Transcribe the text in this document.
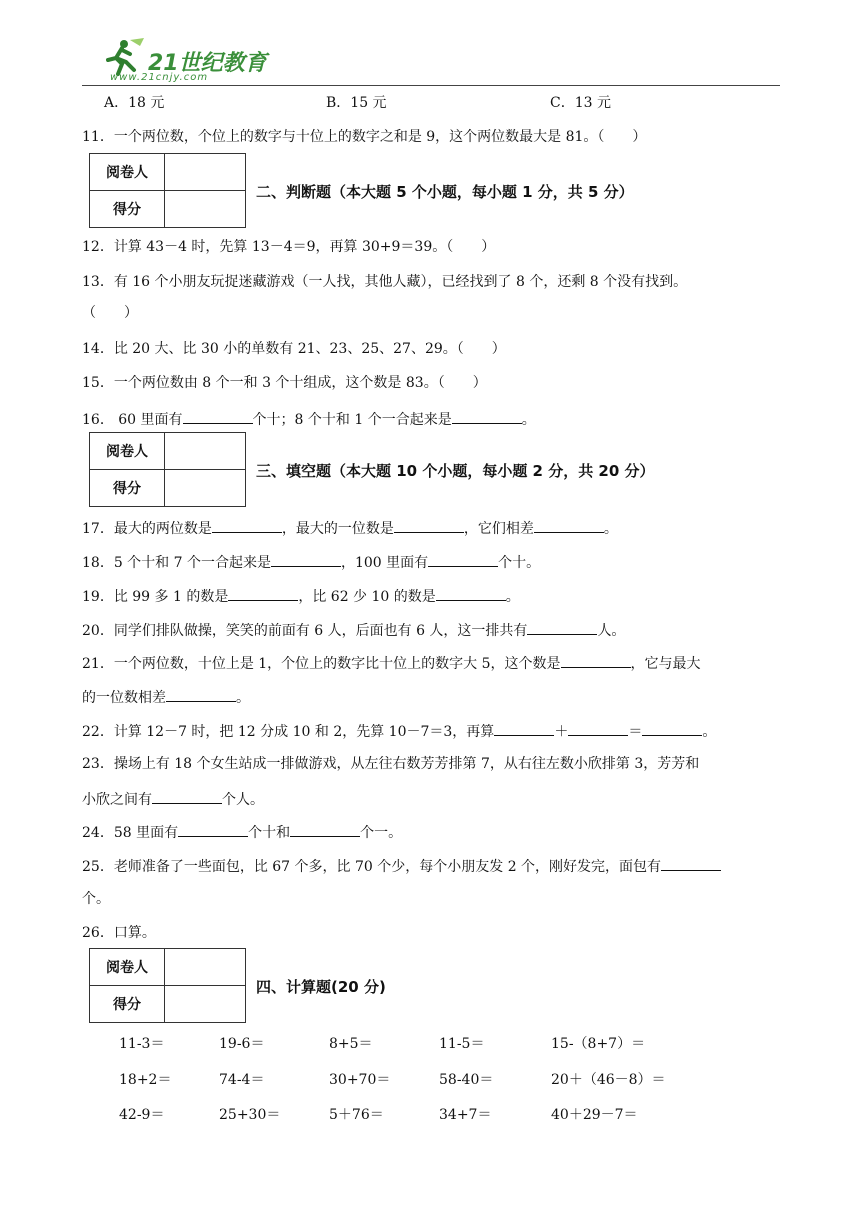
21世纪教育
www.21cnjy.com
A．18 元	B．15 元	C．13 元
11．一个两位数，个位上的数字与十位上的数字之和是 9，这个两位数最大是 81。（　　）
阅卷人	
得分	
二、判断题（本大题 5 个小题，每小题 1 分，共 5 分）
12．计算 43－4 时，先算 13－4＝9，再算 30+9＝39。（　　）
13．有 16 个小朋友玩捉迷藏游戏（一人找，其他人藏），已经找到了 8 个，还剩 8 个没有找到。
（　　）
14．比 20 大、比 30 小的单数有 21、23、25、27、29。（　　）
15．一个两位数由 8 个一和 3 个十组成，这个数是 83。（　　）
16． 60 里面有	个十；8 个十和 1 个一合起来是	。
阅卷人	
得分	
三、填空题（本大题 10 个小题，每小题 2 分，共 20 分）
17．最大的两位数是	，最大的一位数是	，它们相差	。
18．5 个十和 7 个一合起来是	，100 里面有	个十。
19．比 99 多 1 的数是	，比 62 少 10 的数是	。
20．同学们排队做操，笑笑的前面有 6 人，后面也有 6 人，这一排共有	人。
21．一个两位数，十位上是 1，个位上的数字比十位上的数字大 5，这个数是	，它与最大
的一位数相差	。
22．计算 12－7 时，把 12 分成 10 和 2，先算 10－7＝3，再算	＋	＝	。
23．操场上有 18 个女生站成一排做游戏，从左往右数芳芳排第 7，从右往左数小欣排第 3，芳芳和
小欣之间有	个人。
24．58 里面有	个十和	个一。
25．老师准备了一些面包，比 67 个多，比 70 个少，每个小朋友发 2 个，刚好发完，面包有
个。
26．口算。
阅卷人	
得分	
四、计算题(20 分)
11-3＝	19-6＝	8+5＝	11-5＝	15-（8+7）＝
18+2＝	74-4＝	30+70＝	58-40＝	20＋（46－8）＝
42-9＝	25+30＝	5＋76＝	34+7＝	40＋29－7＝
